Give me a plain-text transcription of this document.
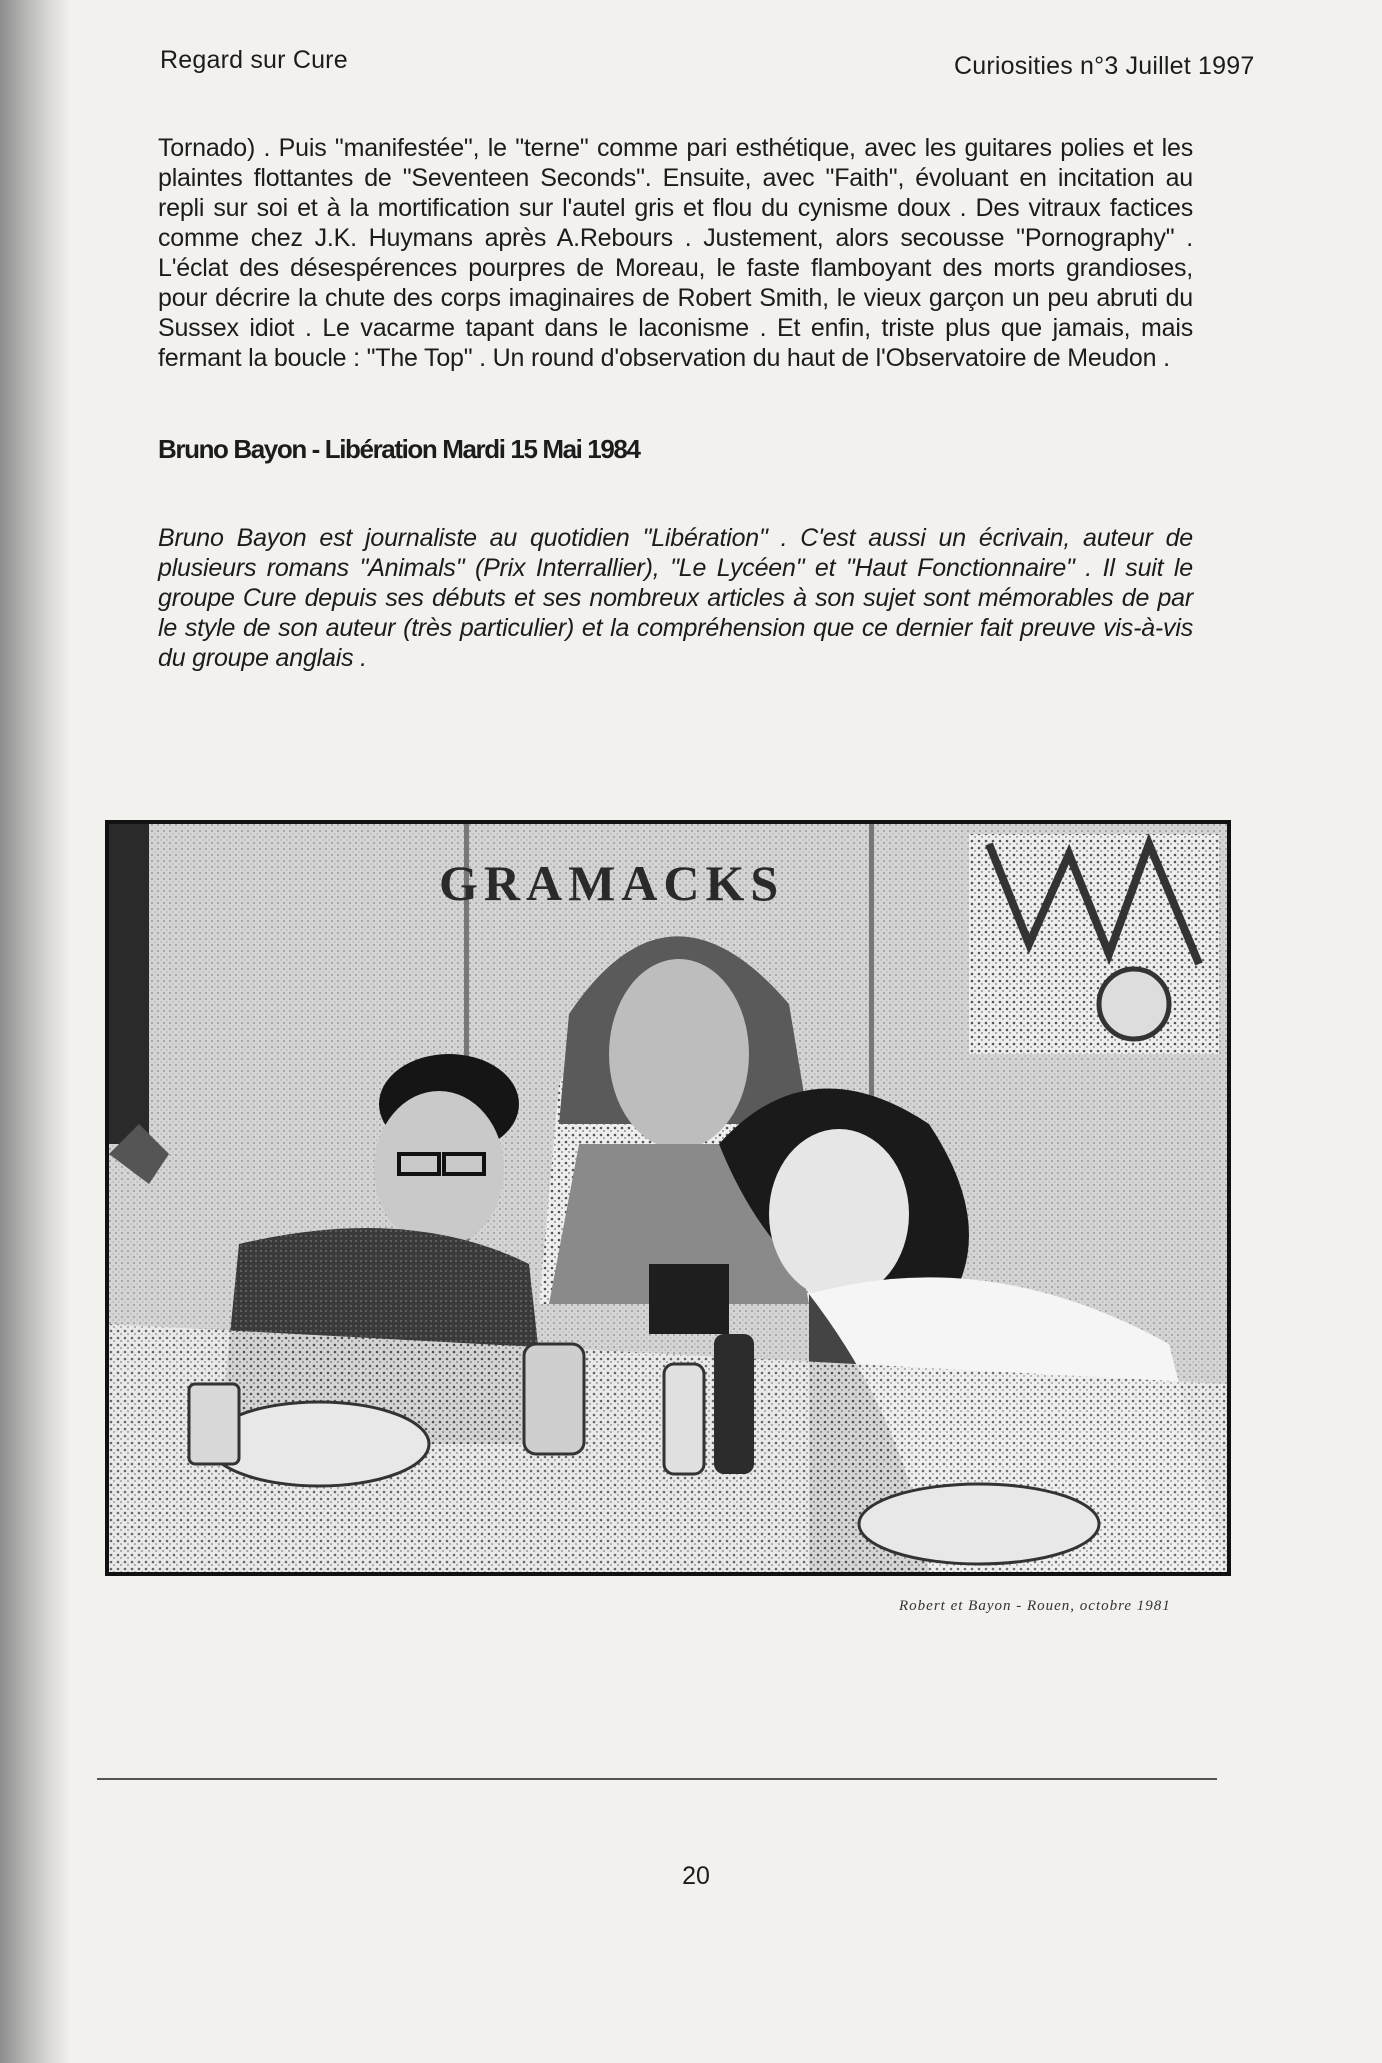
Regard sur Cure	Curiosities n°3 Juillet 1997

Tornado) . Puis "manifestée", le "terne" comme pari esthétique, avec les guitares polies et les plaintes flottantes de "Seventeen Seconds". Ensuite, avec "Faith", évoluant en incitation au repli sur soi et à la mortification sur l'autel gris et flou du cynisme doux . Des vitraux factices comme chez J.K. Huymans après A.Rebours . Justement, alors secousse "Pornography" . L'éclat des désespérences pourpres de Moreau, le faste flamboyant des morts grandioses, pour décrire la chute des corps imaginaires de Robert Smith, le vieux garçon un peu abruti du Sussex idiot . Le vacarme tapant dans le laconisme . Et enfin, triste plus que jamais, mais fermant la boucle : "The Top" . Un round d'observation du haut de l'Observatoire de Meudon .

Bruno Bayon - Libération Mardi 15 Mai 1984

Bruno Bayon est journaliste au quotidien "Libération" . C'est aussi un écrivain, auteur de plusieurs romans "Animals" (Prix Interrallier), "Le Lycéen" et "Haut Fonctionnaire" . Il suit le groupe Cure depuis ses débuts et ses nombreux articles à son sujet sont mémorables de par le style de son auteur (très particulier) et la compréhension que ce dernier fait preuve vis-à-vis du groupe anglais .

GRAMACKS
Robert et Bayon - Rouen, octobre 1981
20
